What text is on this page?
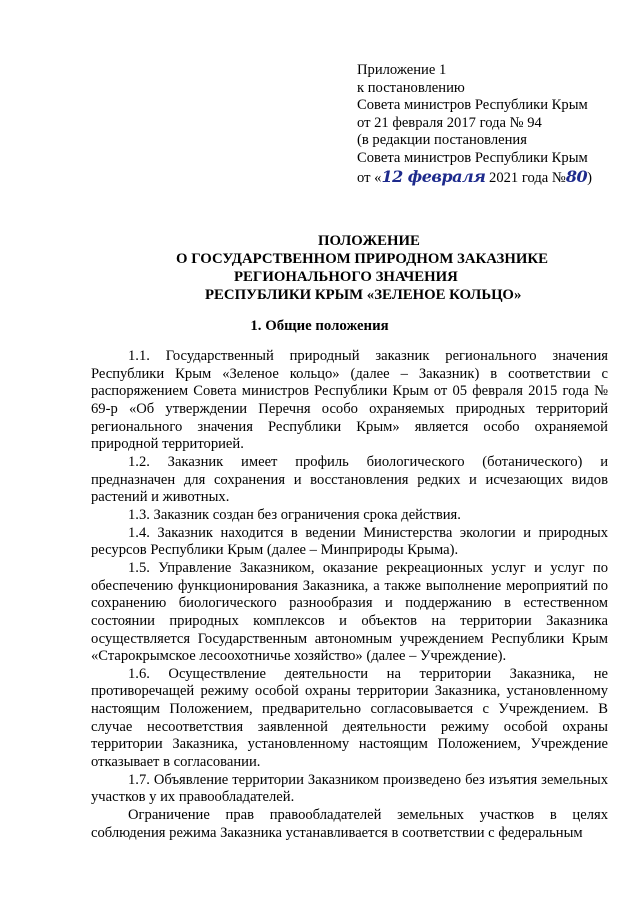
Приложение 1
к постановлению
Совета министров Республики Крым
от 21 февраля 2017 года № 94
(в редакции постановления
Совета министров Республики Крым
от «12 февраля 2021 года №80)
ПОЛОЖЕНИЕ
О ГОСУДАРСТВЕННОМ ПРИРОДНОМ ЗАКАЗНИКЕ
РЕГИОНАЛЬНОГО ЗНАЧЕНИЯ
РЕСПУБЛИКИ КРЫМ «ЗЕЛЕНОЕ КОЛЬЦО»
1. Общие положения

1.1. Государственный природный заказник регионального значения Республики Крым «Зеленое кольцо» (далее – Заказник) в соответствии с распоряжением Совета министров Республики Крым от 05 февраля 2015 года № 69-р «Об утверждении Перечня особо охраняемых природных территорий регионального значения Республики Крым» является особо охраняемой природной территорией.

1.2. Заказник имеет профиль биологического (ботанического) и предназначен для сохранения и восстановления редких и исчезающих видов растений и животных.

1.3. Заказник создан без ограничения срока действия.

1.4. Заказник находится в ведении Министерства экологии и природных ресурсов Республики Крым (далее – Минприроды Крыма).

1.5. Управление Заказником, оказание рекреационных услуг и услуг по обеспечению функционирования Заказника, а также выполнение мероприятий по сохранению биологического разнообразия и поддержанию в естественном состоянии природных комплексов и объектов на территории Заказника осуществляется Государственным автономным учреждением Республики Крым «Старокрымское лесоохотничье хозяйство» (далее – Учреждение).

1.6. Осуществление деятельности на территории Заказника, не противоречащей режиму особой охраны территории Заказника, установленному настоящим Положением, предварительно согласовывается с Учреждением. В случае несоответствия заявленной деятельности режиму особой охраны территории Заказника, установленному настоящим Положением, Учреждение отказывает в согласовании.

1.7. Объявление территории Заказником произведено без изъятия земельных участков у их правообладателей.

Ограничение прав правообладателей земельных участков в целях соблюдения режима Заказника устанавливается в соответствии с федеральным
